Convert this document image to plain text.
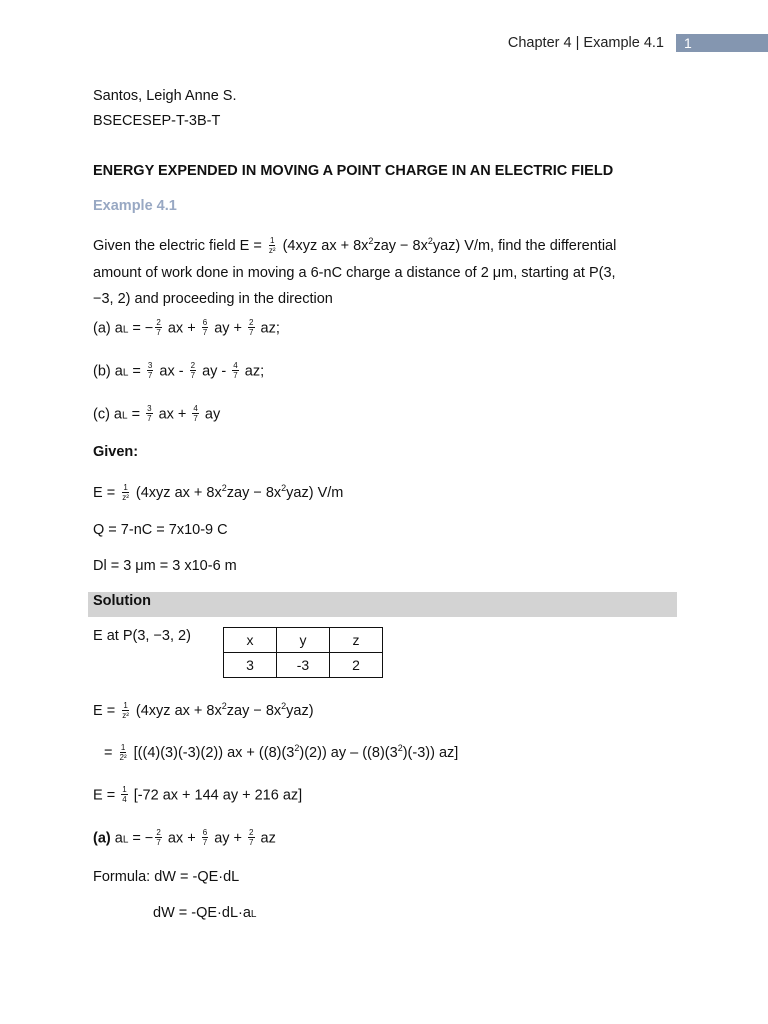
Chapter 4 | Example 4.1 1
Santos, Leigh Anne S.
BSECESEP-T-3B-T
ENERGY EXPENDED IN MOVING A POINT CHARGE IN AN ELECTRIC FIELD
Example 4.1
Given the electric field $E = \frac{1}{\text{z²}} (4xyz$ ax + $8x^2zay - 8x^2yaz$) V/m, find the differential
amount of work done in moving a 6-nC charge a distance of 2 μm, starting at P(3,
−3, 2) and proceeding in the direction
(a) aL = − $\frac{2}{7}$ ax + $\frac{6}{7}$ ay + $\frac{2}{7}$ az;
(b) aL = $\frac{3}{7}$ ax - $\frac{2}{7}$ ay - $\frac{4}{7}$ az;
(c) aL = $\frac{3}{7}$ ax + $\frac{4}{7}$ ay
Given:
$E = \frac{1}{\text{z²}} (4xyz$ ax + $8x^2zay - 8x^2yaz$) V/m
Q = 7-nC = 7x10-9 C
Dl = 3 μm = 3 x10-6 m
Solution
E at P(3, −3, 2)	x	y	z
3	-3	2
$E = \frac{1}{\text{z²}} (4xyz$ ax + $8x^2zay - 8x^2yaz$)
= $\frac{1}{\text{2²}} [((4)(3)(-3)(2))$ ax + $((8)(3^2)(2))$ ay – $((8)(3^2)(-3))$ az]
$E = \frac{1}{4} [-72$ ax + 144 ay + 216 az]
(a) aL = − $\frac{2}{7}$ ax + $\frac{6}{7}$ ay + $\frac{2}{7}$ az
Formula: dW = -QE·dL
dW = -QE·dL·aL
